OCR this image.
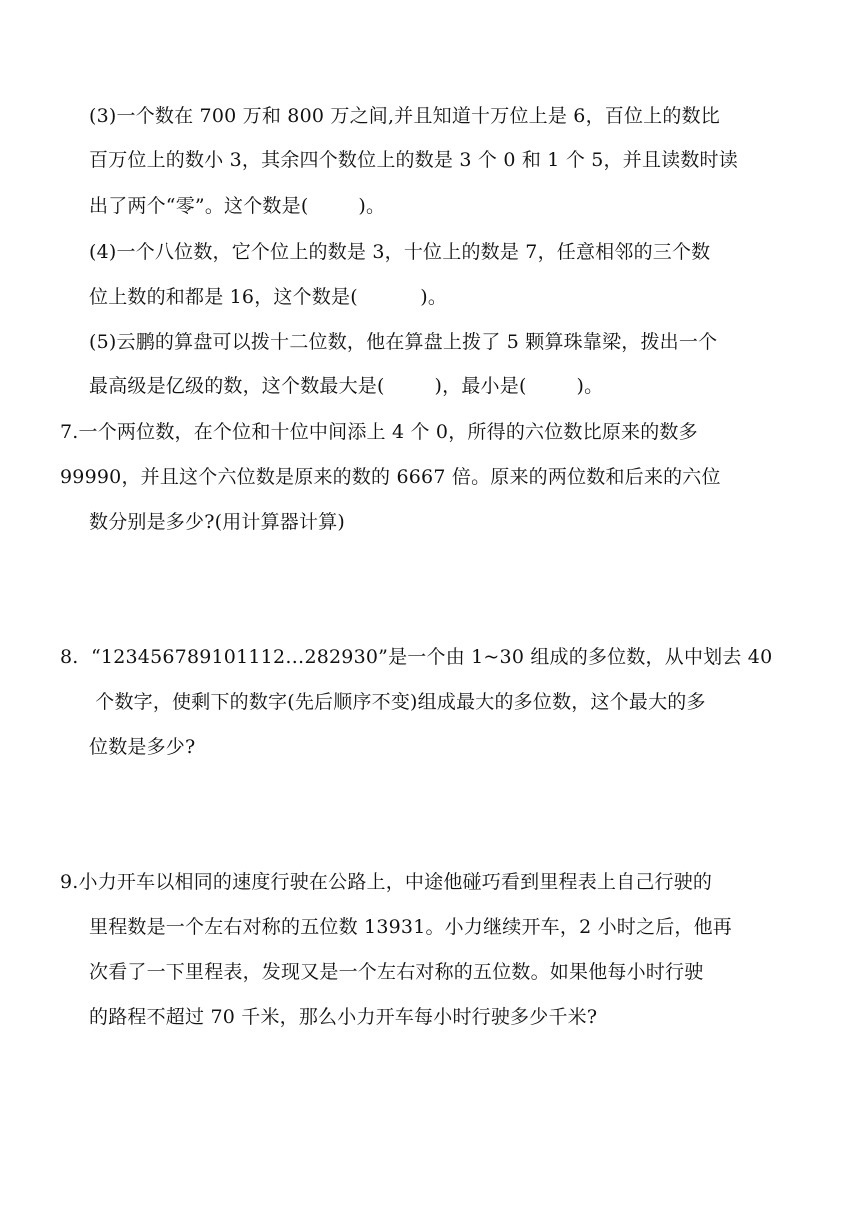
(3)一个数在 700 万和 800 万之间,并且知道十万位上是 6，百位上的数比
百万位上的数小 3，其余四个数位上的数是 3 个 0 和 1 个 5，并且读数时读
出了两个“零”。这个数是(        )。
(4)一个八位数，它个位上的数是 3，十位上的数是 7，任意相邻的三个数
位上数的和都是 16，这个数是(          )。
(5)云鹏的算盘可以拨十二位数，他在算盘上拨了 5 颗算珠靠梁，拨出一个
最高级是亿级的数，这个数最大是(        )，最小是(        )。
7.一个两位数，在个位和十位中间添上 4 个 0，所得的六位数比原来的数多
99990，并且这个六位数是原来的数的 6667 倍。原来的两位数和后来的六位
数分别是多少?(用计算器计算)
8.  “123456789101112…282930”是一个由 1~30 组成的多位数，从中划去 40
个数字，使剩下的数字(先后顺序不变)组成最大的多位数，这个最大的多
位数是多少?
9.小力开车以相同的速度行驶在公路上，中途他碰巧看到里程表上自己行驶的
里程数是一个左右对称的五位数 13931。小力继续开车，2 小时之后，他再
次看了一下里程表，发现又是一个左右对称的五位数。如果他每小时行驶
的路程不超过 70 千米，那么小力开车每小时行驶多少千米?
